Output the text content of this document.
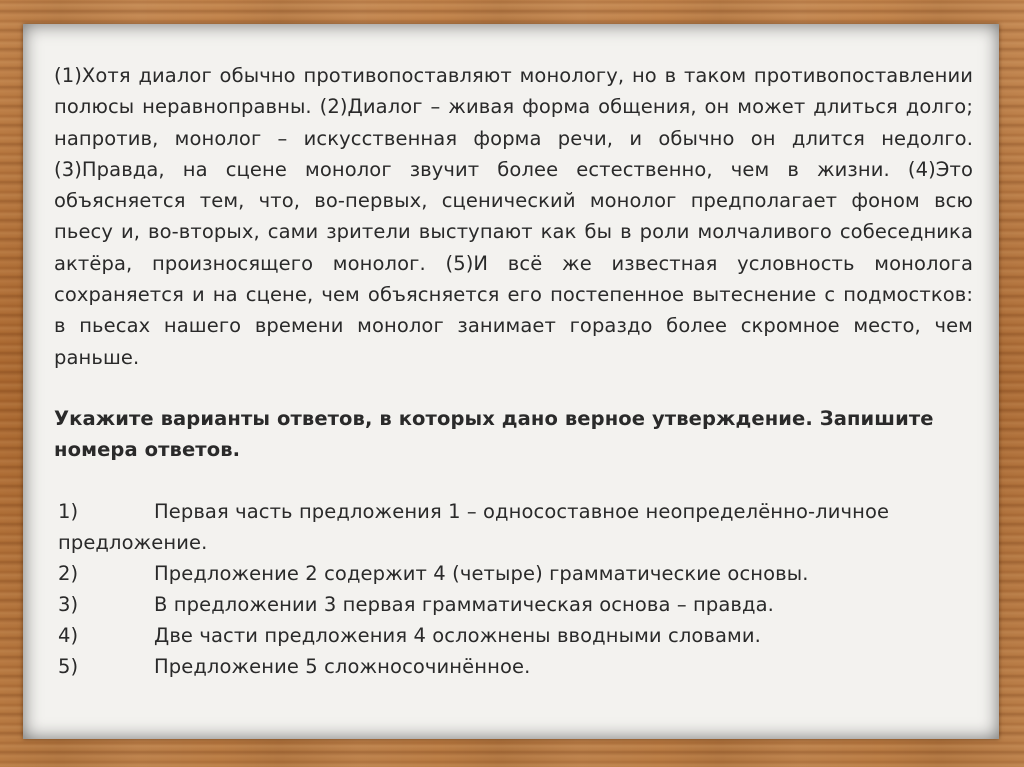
(1)Хотя диалог обычно противопоставляют монологу, но в таком противопоставлении полюсы неравноправны. (2)Диалог – живая форма общения, он может длиться долго; напротив, монолог – искусственная форма речи, и обычно он длится недолго. (3)Правда, на сцене монолог звучит более естественно, чем в жизни. (4)Это объясняется тем, что, во-первых, сценический монолог предполагает фоном всю пьесу и, во-вторых, сами зрители выступают как бы в роли молчаливого собеседника актёра, произносящего монолог. (5)И всё же известная условность монолога сохраняется и на сцене, чем объясняется его постепенное вытеснение с подмостков: в пьесах нашего времени монолог занимает гораздо более скромное место, чем раньше.

Укажите варианты ответов, в которых дано верное утверждение. Запишите номера ответов.

1)	Первая часть предложения 1 – односоставное неопределённо-личное предложение.
2)	Предложение 2 содержит 4 (четыре) грамматические основы.
3)	В предложении 3 первая грамматическая основа – правда.
4)	Две части предложения 4 осложнены вводными словами.
5)	Предложение 5 сложносочинённое.
